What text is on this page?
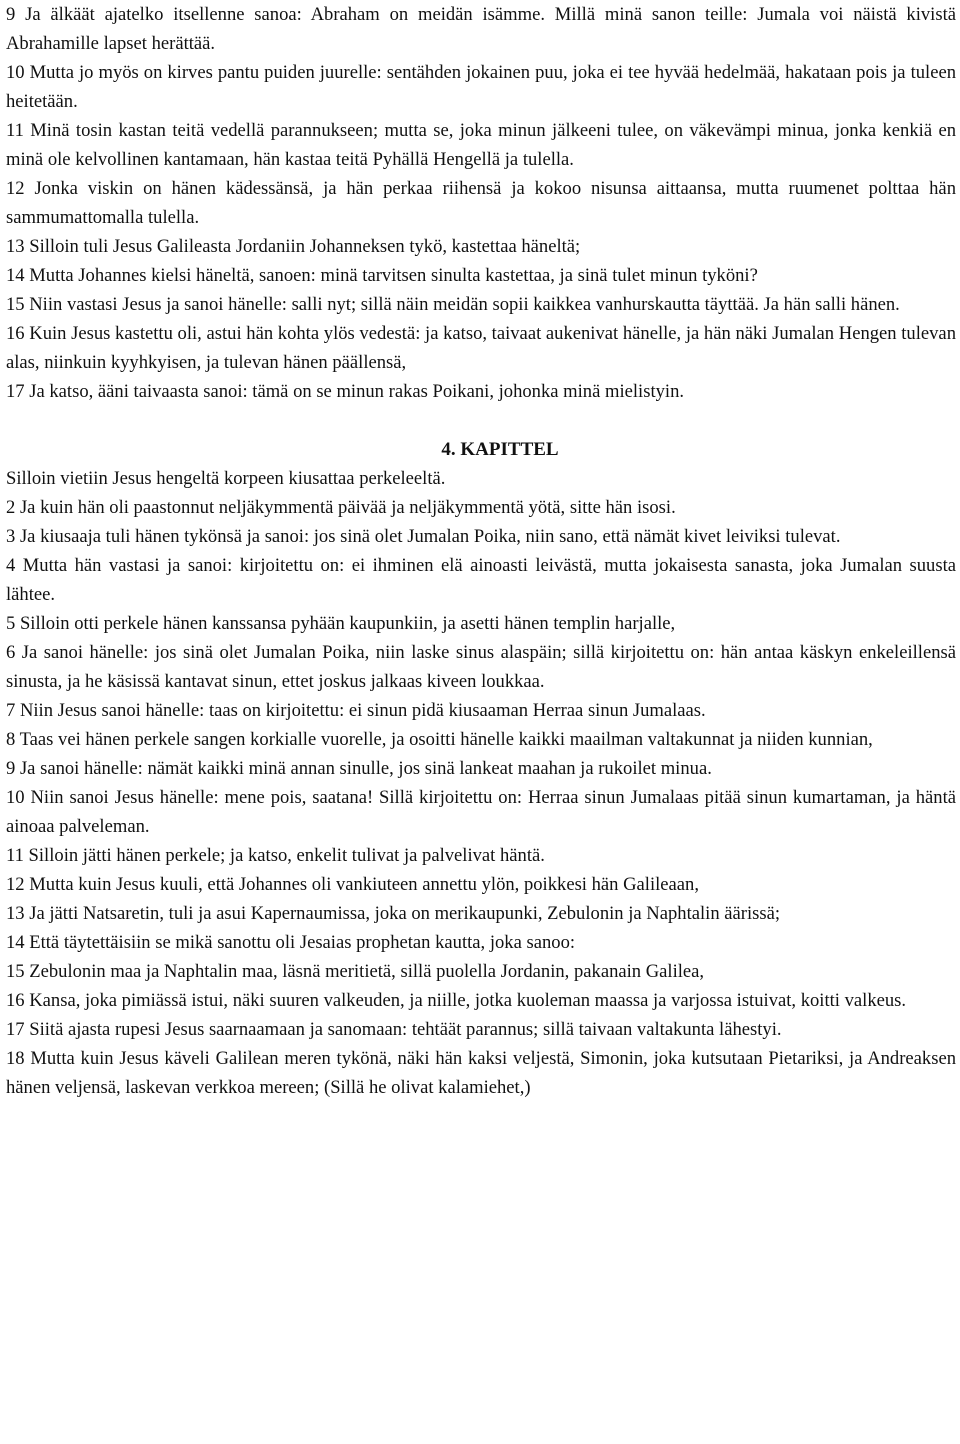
9 Ja älkäät ajatelko itsellenne sanoa: Abraham on meidän isämme. Millä minä sanon teille: Jumala voi näistä kivistä Abrahamille lapset herättää.

10 Mutta jo myös on kirves pantu puiden juurelle: sentähden jokainen puu, joka ei tee hyvää hedelmää, hakataan pois ja tuleen heitetään.

11 Minä tosin kastan teitä vedellä parannukseen; mutta se, joka minun jälkeeni tulee, on väkevämpi minua, jonka kenkiä en minä ole kelvollinen kantamaan, hän kastaa teitä Pyhällä Hengellä ja tulella.

12 Jonka viskin on hänen kädessänsä, ja hän perkaa riihensä ja kokoo nisunsa aittaansa, mutta ruumenet polttaa hän sammumattomalla tulella.

13 Silloin tuli Jesus Galileasta Jordaniin Johanneksen tykö, kastettaa häneltä;

14 Mutta Johannes kielsi häneltä, sanoen: minä tarvitsen sinulta kastettaa, ja sinä tulet minun tyköni?

15 Niin vastasi Jesus ja sanoi hänelle: salli nyt; sillä näin meidän sopii kaikkea vanhurskautta täyttää. Ja hän salli hänen.

16 Kuin Jesus kastettu oli, astui hän kohta ylös vedestä: ja katso, taivaat aukenivat hänelle, ja hän näki Jumalan Hengen tulevan alas, niinkuin kyyhkyisen, ja tulevan hänen päällensä,

17 Ja katso, ääni taivaasta sanoi: tämä on se minun rakas Poikani, johonka minä mielistyin.

4. KAPITTEL

Silloin vietiin Jesus hengeltä korpeen kiusattaa perkeleeltä.

2 Ja kuin hän oli paastonnut neljäkymmentä päivää ja neljäkymmentä yötä, sitte hän isosi.

3 Ja kiusaaja tuli hänen tykönsä ja sanoi: jos sinä olet Jumalan Poika, niin sano, että nämät kivet leiviksi tulevat.

4 Mutta hän vastasi ja sanoi: kirjoitettu on: ei ihminen elä ainoasti leivästä, mutta jokaisesta sanasta, joka Jumalan suusta lähtee.

5 Silloin otti perkele hänen kanssansa pyhään kaupunkiin, ja asetti hänen templin harjalle,

6 Ja sanoi hänelle: jos sinä olet Jumalan Poika, niin laske sinus alaspäin; sillä kirjoitettu on: hän antaa käskyn enkeleillensä sinusta, ja he käsissä kantavat sinun, ettet joskus jalkaas kiveen loukkaa.

7 Niin Jesus sanoi hänelle: taas on kirjoitettu: ei sinun pidä kiusaaman Herraa sinun Jumalaas.

8 Taas vei hänen perkele sangen korkialle vuorelle, ja osoitti hänelle kaikki maailman valtakunnat ja niiden kunnian,

9 Ja sanoi hänelle: nämät kaikki minä annan sinulle, jos sinä lankeat maahan ja rukoilet minua.

10 Niin sanoi Jesus hänelle: mene pois, saatana! Sillä kirjoitettu on: Herraa sinun Jumalaas pitää sinun kumartaman, ja häntä ainoaa palveleman.

11 Silloin jätti hänen perkele; ja katso, enkelit tulivat ja palvelivat häntä.

12 Mutta kuin Jesus kuuli, että Johannes oli vankiuteen annettu ylön, poikkesi hän Galileaan,

13 Ja jätti Natsaretin, tuli ja asui Kapernaumissa, joka on merikaupunki, Zebulonin ja Naphtalin äärissä;

14 Että täytettäisiin se mikä sanottu oli Jesaias prophetan kautta, joka sanoo:

15 Zebulonin maa ja Naphtalin maa, läsnä meritietä, sillä puolella Jordanin, pakanain Galilea,

16 Kansa, joka pimiässä istui, näki suuren valkeuden, ja niille, jotka kuoleman maassa ja varjossa istuivat, koitti valkeus.

17 Siitä ajasta rupesi Jesus saarnaamaan ja sanomaan: tehtäät parannus; sillä taivaan valtakunta lähestyi.

18 Mutta kuin Jesus käveli Galilean meren tykönä, näki hän kaksi veljestä, Simonin, joka kutsutaan Pietariksi, ja Andreaksen hänen veljensä, laskevan verkkoa mereen; (Sillä he olivat kalamiehet,)
